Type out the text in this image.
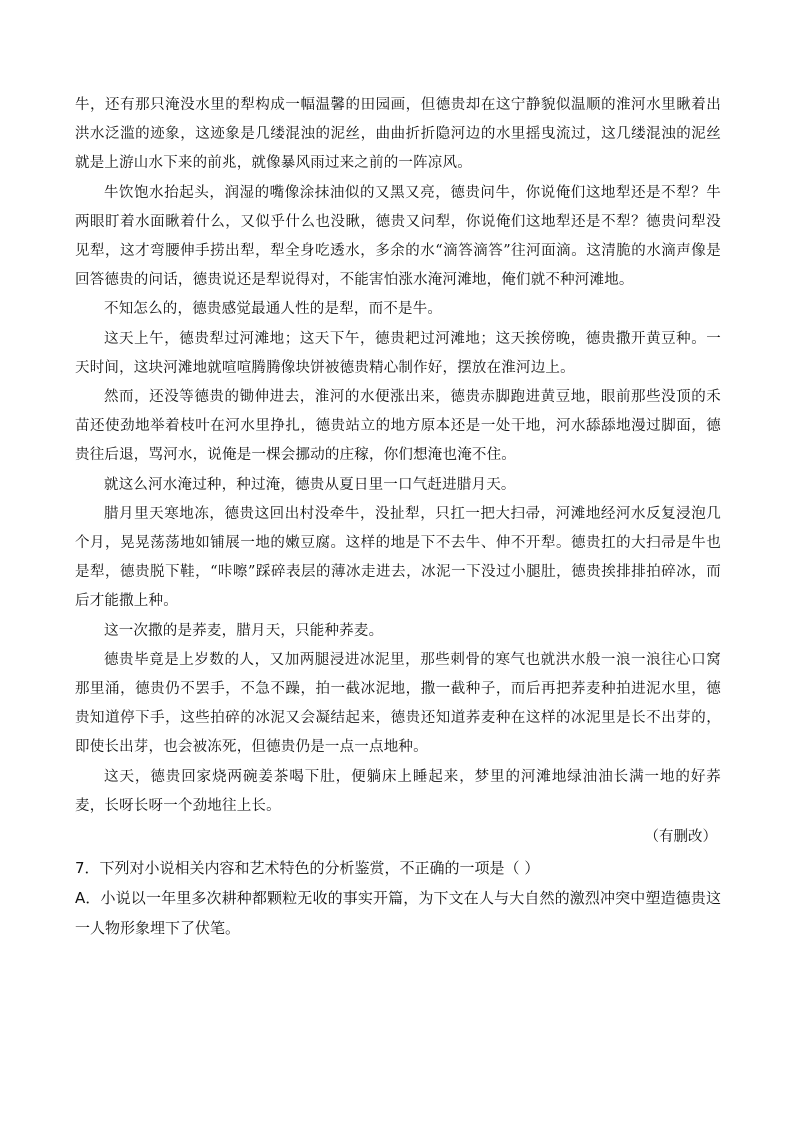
牛，还有那只淹没水里的犁构成一幅温馨的田园画，但德贵却在这宁静貌似温顺的淮河水里瞅着出洪水泛滥的迹象，这迹象是几缕混浊的泥丝，曲曲折折隐河边的水里摇曳流过，这几缕混浊的泥丝就是上游山水下来的前兆，就像暴风雨过来之前的一阵凉风。

牛饮饱水抬起头，润湿的嘴像涂抹油似的又黑又亮，德贵问牛，你说俺们这地犁还是不犁？牛两眼盯着水面瞅着什么，又似乎什么也没瞅，德贵又问犁，你说俺们这地犁还是不犁？德贵问犁没见犁，这才弯腰伸手捞出犁，犁全身吃透水，多余的水“滴答滴答”往河面滴。这清脆的水滴声像是回答德贵的问话，德贵说还是犁说得对，不能害怕涨水淹河滩地，俺们就不种河滩地。

不知怎么的，德贵感觉最通人性的是犁，而不是牛。

这天上午，德贵犁过河滩地；这天下午，德贵耙过河滩地；这天挨傍晚，德贵撒开黄豆种。一天时间，这块河滩地就喧喧腾腾像块饼被德贵精心制作好，摆放在淮河边上。

然而，还没等德贵的锄伸进去，淮河的水便涨出来，德贵赤脚跑进黄豆地，眼前那些没顶的禾苗还使劲地举着枝叶在河水里挣扎，德贵站立的地方原本还是一处干地，河水舔舔地漫过脚面，德贵往后退，骂河水，说俺是一棵会挪动的庄稼，你们想淹也淹不住。

就这么河水淹过种，种过淹，德贵从夏日里一口气赶进腊月天。

腊月里天寒地冻，德贵这回出村没牵牛，没扯犁，只扛一把大扫帚，河滩地经河水反复浸泡几个月，晃晃荡荡地如铺展一地的嫩豆腐。这样的地是下不去牛、伸不开犁。德贵扛的大扫帚是牛也是犁，德贵脱下鞋，“咔嚓”踩碎表层的薄冰走进去，冰泥一下没过小腿肚，德贵挨排排拍碎冰，而后才能撒上种。

这一次撒的是荞麦，腊月天，只能种荞麦。

德贵毕竟是上岁数的人，又加两腿浸进冰泥里，那些刺骨的寒气也就洪水般一浪一浪往心口窝那里涌，德贵仍不罢手，不急不躁，拍一截冰泥地，撒一截种子，而后再把荞麦种拍进泥水里，德贵知道停下手，这些拍碎的冰泥又会凝结起来，德贵还知道荞麦种在这样的冰泥里是长不出芽的，即使长出芽，也会被冻死，但德贵仍是一点一点地种。

这天，德贵回家烧两碗姜茶喝下肚，便躺床上睡起来，梦里的河滩地绿油油长满一地的好荞麦，长呀长呀一个劲地往上长。

（有删改）

7．下列对小说相关内容和艺术特色的分析鉴赏，不正确的一项是（ ）

A．小说以一年里多次耕种都颗粒无收的事实开篇，为下文在人与大自然的激烈冲突中塑造德贵这一人物形象埋下了伏笔。
